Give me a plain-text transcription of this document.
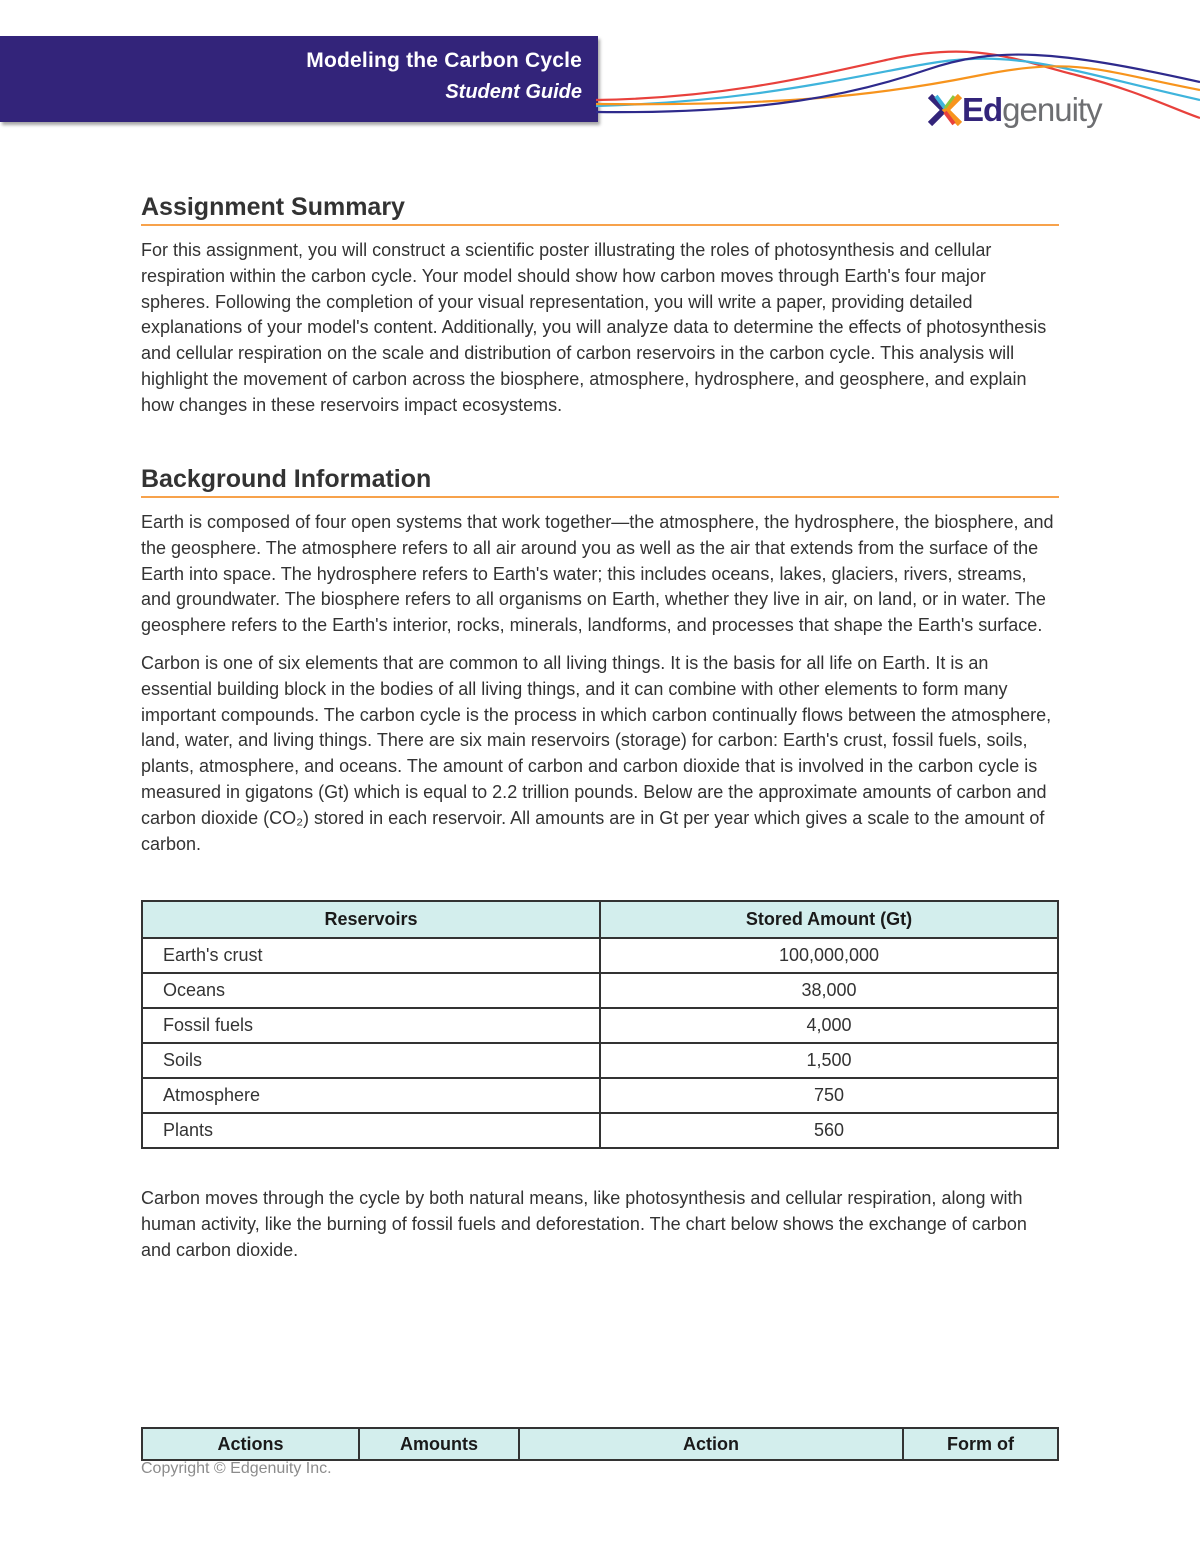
Modeling the Carbon Cycle
Student Guide	Ed genuity
Assignment Summary

For this assignment, you will construct a scientific poster illustrating the roles of photosynthesis and cellular respiration within the carbon cycle. Your model should show how carbon moves through Earth's four major spheres. Following the completion of your visual representation, you will write a paper, providing detailed explanations of your model's content. Additionally, you will analyze data to determine the effects of photosynthesis and cellular respiration on the scale and distribution of carbon reservoirs in the carbon cycle. This analysis will highlight the movement of carbon across the biosphere, atmosphere, hydrosphere, and geosphere, and explain how changes in these reservoirs impact ecosystems.

Background Information

Earth is composed of four open systems that work together—the atmosphere, the hydrosphere, the biosphere, and the geosphere. The atmosphere refers to all air around you as well as the air that extends from the surface of the Earth into space. The hydrosphere refers to Earth's water; this includes oceans, lakes, glaciers, rivers, streams, and groundwater. The biosphere refers to all organisms on Earth, whether they live in air, on land, or in water. The geosphere refers to the Earth's interior, rocks, minerals, landforms, and processes that shape the Earth's surface.

Carbon is one of six elements that are common to all living things. It is the basis for all life on Earth. It is an essential building block in the bodies of all living things, and it can combine with other elements to form many important compounds. The carbon cycle is the process in which carbon continually flows between the atmosphere, land, water, and living things. There are six main reservoirs (storage) for carbon: Earth's crust, fossil fuels, soils, plants, atmosphere, and oceans. The amount of carbon and carbon dioxide that is involved in the carbon cycle is measured in gigatons (Gt) which is equal to 2.2 trillion pounds. Below are the approximate amounts of carbon and carbon dioxide (CO₂) stored in each reservoir. All amounts are in Gt per year which gives a scale to the amount of carbon.

Reservoirs	Stored Amount (Gt)
Earth's crust	100,000,000
Oceans	38,000
Fossil fuels	4,000
Soils	1,500
Atmosphere	750
Plants	560

Carbon moves through the cycle by both natural means, like photosynthesis and cellular respiration, along with human activity, like the burning of fossil fuels and deforestation. The chart below shows the exchange of carbon and carbon dioxide.

Actions	Amounts	Action	Form of
Copyright © Edgenuity Inc.
